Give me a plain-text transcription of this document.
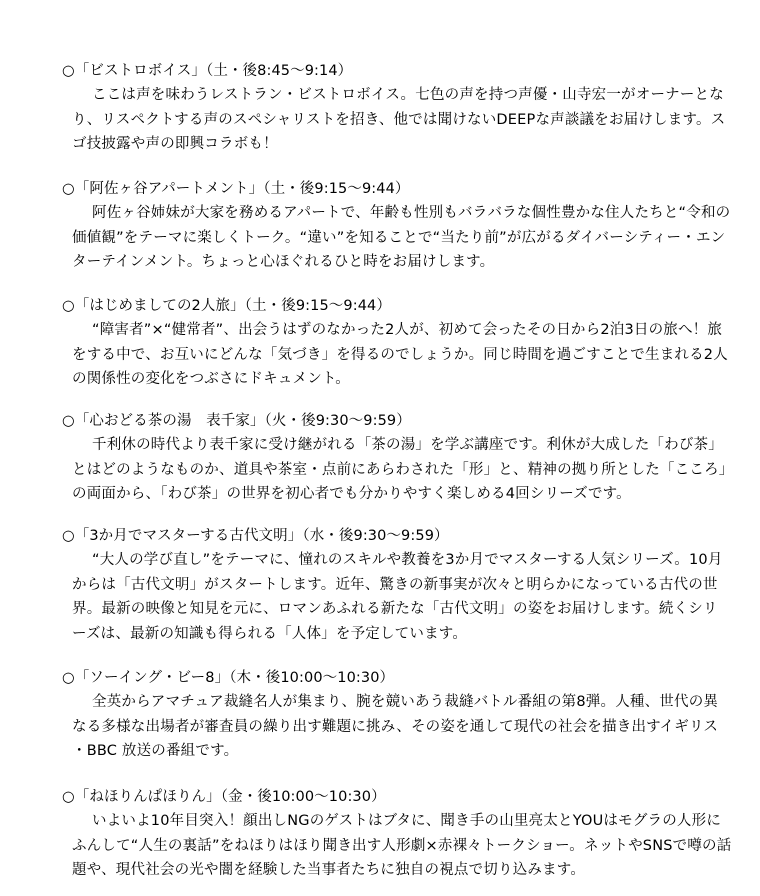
○「ビストロボイス」（土・後8:45～9:14）
ここは声を味わうレストラン・ビストロボイス。七色の声を持つ声優・山寺宏一がオーナーとなり、リスペクトする声のスペシャリストを招き、他では聞けないDEEPな声談議をお届けします。スゴ技披露や声の即興コラボも！
○「阿佐ヶ谷アパートメント」（土・後9:15～9:44）
阿佐ヶ谷姉妹が大家を務めるアパートで、年齢も性別もバラバラな個性豊かな住人たちと“令和の価値観”をテーマに楽しくトーク。“違い”を知ることで“当たり前”が広がるダイバーシティー・エンターテインメント。ちょっと心ほぐれるひと時をお届けします。
○「はじめましての2人旅」（土・後9:15～9:44）
“障害者”×“健常者”、出会うはずのなかった2人が、初めて会ったその日から2泊3日の旅へ！旅をする中で、お互いにどんな「気づき」を得るのでしょうか。同じ時間を過ごすことで生まれる2人の関係性の変化をつぶさにドキュメント。
○「心おどる茶の湯　表千家」（火・後9:30～9:59）
千利休の時代より表千家に受け継がれる「茶の湯」を学ぶ講座です。利休が大成した「わび茶」とはどのようなものか、道具や茶室・点前にあらわされた「形」と、精神の拠り所とした「こころ」の両面から、「わび茶」の世界を初心者でも分かりやすく楽しめる4回シリーズです。
○「3か月でマスターする古代文明」（水・後9:30～9:59）
“大人の学び直し”をテーマに、憧れのスキルや教養を3か月でマスターする人気シリーズ。10月からは「古代文明」がスタートします。近年、驚きの新事実が次々と明らかになっている古代の世界。最新の映像と知見を元に、ロマンあふれる新たな「古代文明」の姿をお届けします。続くシリーズは、最新の知識も得られる「人体」を予定しています。
○「ソーイング・ビー8」（木・後10:00～10:30）
全英からアマチュア裁縫名人が集まり、腕を競いあう裁縫バトル番組の第8弾。人種、世代の異なる多様な出場者が審査員の繰り出す難題に挑み、その姿を通して現代の社会を描き出すイギリス・BBC 放送の番組です。
○「ねほりんぱほりん」（金・後10:00～10:30）
いよいよ10年目突入！顔出しNGのゲストはブタに、聞き手の山里亮太とYOUはモグラの人形にふんして“人生の裏話”をねほりはほり聞き出す人形劇×赤裸々トークショー。ネットやSNSで噂の話題や、現代社会の光や闇を経験した当事者たちに独自の視点で切り込みます。
